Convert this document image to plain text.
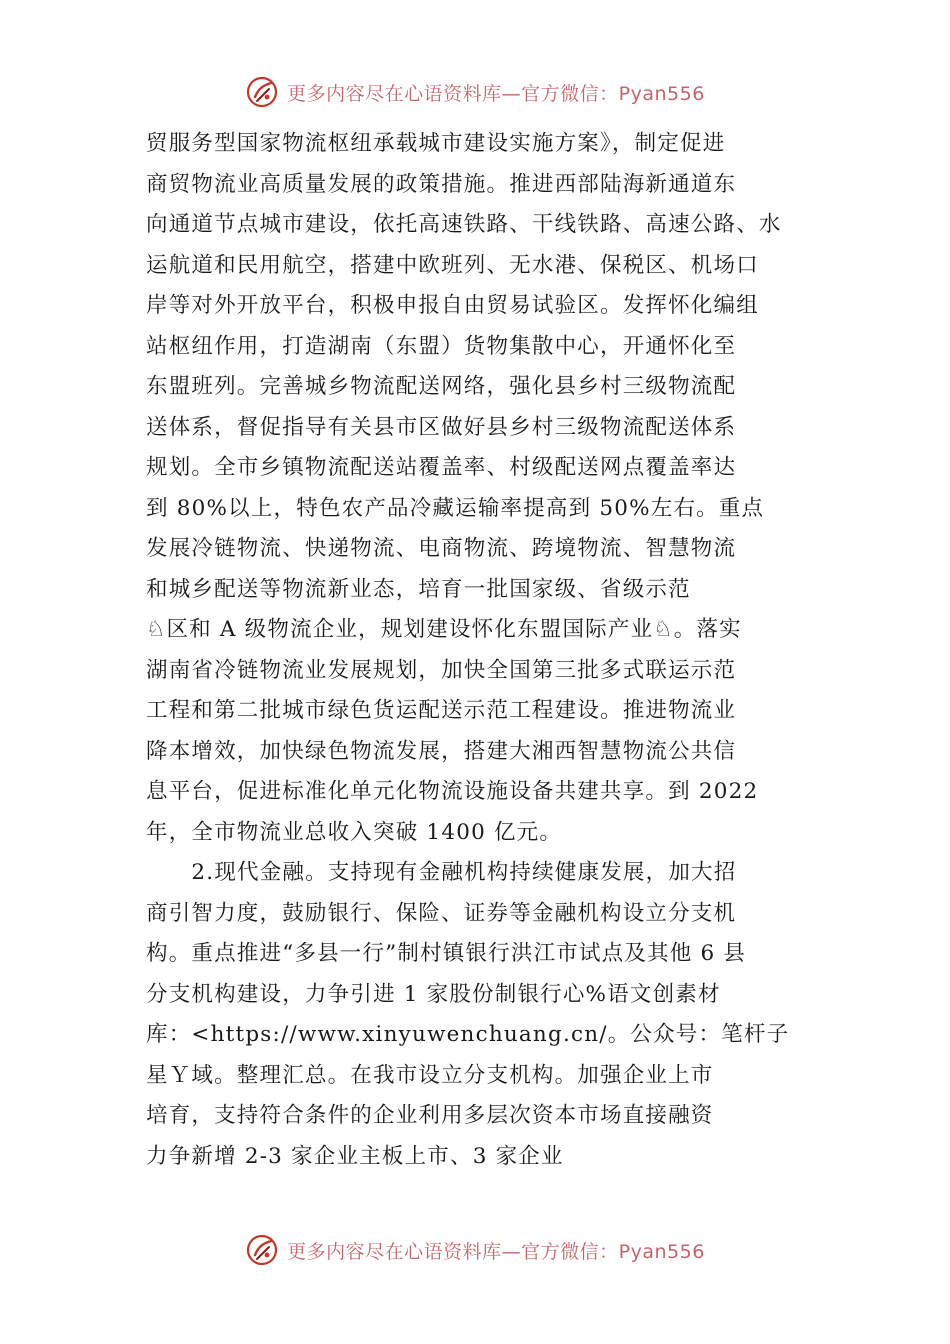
更多内容尽在心语资料库—官方微信：Pyan556
贸服务型国家物流枢纽承载城市建设实施方案》，制定促进
商贸物流业高质量发展的政策措施。推进西部陆海新通道东
向通道节点城市建设，依托高速铁路、干线铁路、高速公路、水
运航道和民用航空，搭建中欧班列、无水港、保税区、机场口
岸等对外开放平台，积极申报自由贸易试验区。发挥怀化编组
站枢纽作用，打造湖南（东盟）货物集散中心，开通怀化至
东盟班列。完善城乡物流配送网络，强化县乡村三级物流配
送体系，督促指导有关县市区做好县乡村三级物流配送体系
规划。全市乡镇物流配送站覆盖率、村级配送网点覆盖率达
到 80%以上，特色农产品冷藏运输率提高到 50%左右。重点
发展冷链物流、快递物流、电商物流、跨境物流、智慧物流
和城乡配送等物流新业态，培育一批国家级、省级示范
♘区和 A 级物流企业，规划建设怀化东盟国际产业♘。落实
湖南省冷链物流业发展规划，加快全国第三批多式联运示范
工程和第二批城市绿色货运配送示范工程建设。推进物流业
降本增效，加快绿色物流发展，搭建大湘西智慧物流公共信
息平台，促进标准化单元化物流设施设备共建共享。到 2022
年，全市物流业总收入突破 1400 亿元。
　　2.现代金融。支持现有金融机构持续健康发展，加大招
商引智力度，鼓励银行、保险、证券等金融机构设立分支机
构。重点推进“多县一行”制村镇银行洪江市试点及其他 6 县
分支机构建设，力争引进 1 家股份制银行心%语文创素材
库：<https://www.xinyuwenchuang.cn/。公众号：笔杆子
星Ｙ域。整理汇总。在我市设立分支机构。加强企业上市
培育，支持符合条件的企业利用多层次资本市场直接融资
力争新增 2-3 家企业主板上市、3 家企业
更多内容尽在心语资料库—官方微信：Pyan556
